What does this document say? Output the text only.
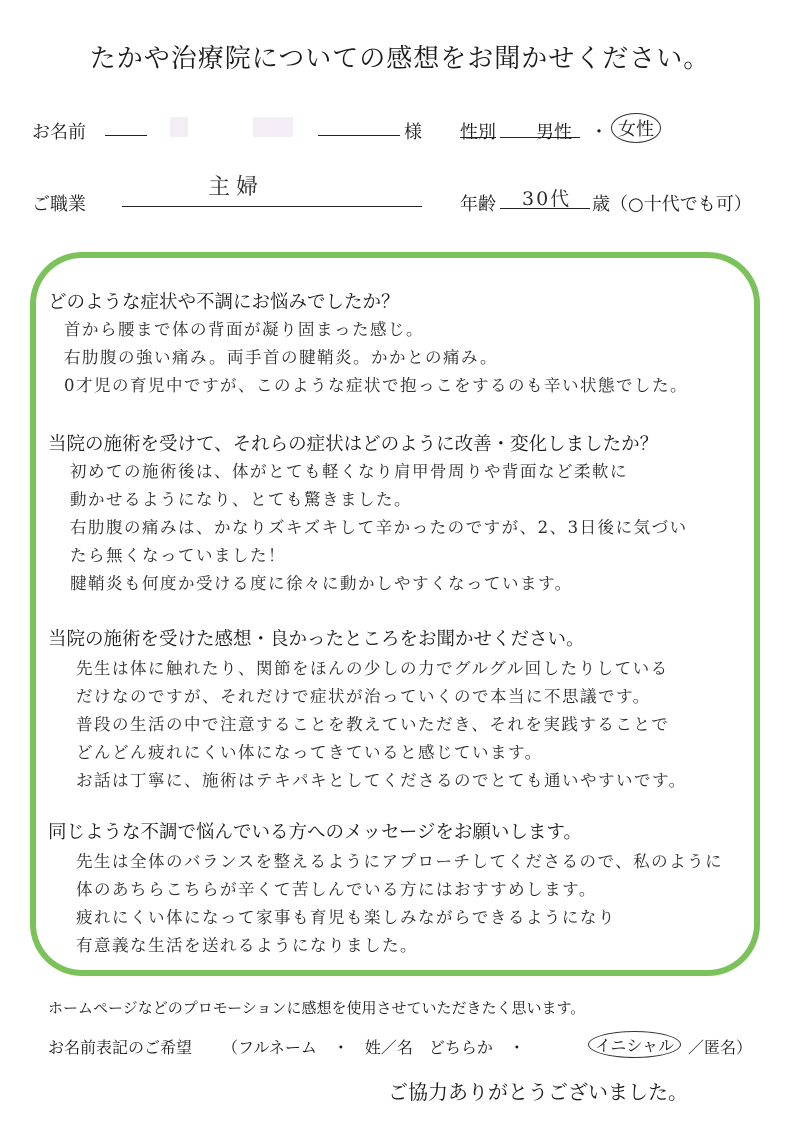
たかや治療院についての感想をお聞かせください。
お名前	様 性別 男性 ・ 女性
ご職業
主婦
年齢 30代 歳（○十代でも可）
どのような症状や不調にお悩みでしたか？
首から腰まで体の背面が凝り固まった感じ。
右肋腹の強い痛み。両手首の腱鞘炎。かかとの痛み。
0才児の育児中ですが、このような症状で抱っこをするのも辛い状態でした。
当院の施術を受けて、それらの症状はどのように改善・変化しましたか？
初めての施術後は、体がとても軽くなり肩甲骨周りや背面など柔軟に
動かせるようになり、とても驚きました。
右肋腹の痛みは、かなりズキズキして辛かったのですが、2、3日後に気づい
たら無くなっていました！
腱鞘炎も何度か受ける度に徐々に動かしやすくなっています。
当院の施術を受けた感想・良かったところをお聞かせください。
先生は体に触れたり、関節をほんの少しの力でグルグル回したりしている
だけなのですが、それだけで症状が治っていくので本当に不思議です。
普段の生活の中で注意することを教えていただき、それを実践することで
どんどん疲れにくい体になってきていると感じています。
お話は丁寧に、施術はテキパキとしてくださるのでとても通いやすいです。
同じような不調で悩んでいる方へのメッセージをお願いします。
先生は全体のバランスを整えるようにアプローチしてくださるので、私のように
体のあちらこちらが辛くて苦しんでいる方にはおすすめします。
疲れにくい体になって家事も育児も楽しみながらできるようになり
有意義な生活を送れるようになりました。
ホームページなどのプロモーションに感想を使用させていただきたく思います。
お名前表記のご希望 （フルネーム　・　姓／名　どちらか　・	イニシャル ／匿名）
ご協力ありがとうございました。
